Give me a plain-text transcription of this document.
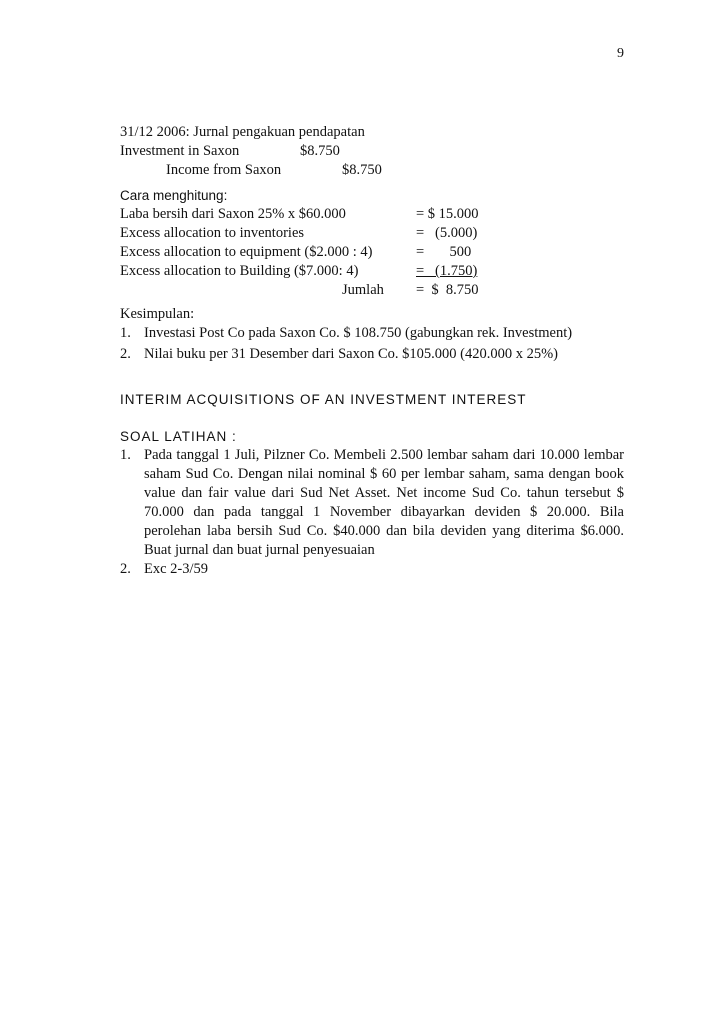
9
31/12 2006: Jurnal pengakuan pendapatan
Investment in Saxon	$8.750
Income from Saxon	$8.750
Cara menghitung:
Laba bersih dari Saxon 25% x $60.000	= $ 15.000
Excess allocation to inventories	=   (5.000)
Excess allocation to equipment ($2.000 : 4)	=       500
Excess allocation to Building ($7.000: 4)	=   (1.750)
Jumlah =  $  8.750
Kesimpulan:
1. Investasi Post Co pada Saxon Co. $ 108.750 (gabungkan rek. Investment)
2. Nilai buku per 31 Desember dari Saxon Co. $105.000 (420.000 x 25%)
INTERIM ACQUISITIONS OF AN INVESTMENT INTEREST
SOAL LATIHAN :
1. Pada tanggal 1 Juli, Pilzner Co. Membeli 2.500 lembar saham dari 10.000 lembar saham Sud Co. Dengan nilai nominal $ 60 per lembar saham, sama dengan book value dan fair value dari Sud Net Asset. Net income Sud Co. tahun tersebut $ 70.000 dan pada tanggal 1 November dibayarkan deviden $ 20.000. Bila perolehan laba bersih Sud Co. $40.000 dan bila deviden yang diterima $6.000. Buat jurnal dan buat jurnal penyesuaian
2. Exc 2-3/59
